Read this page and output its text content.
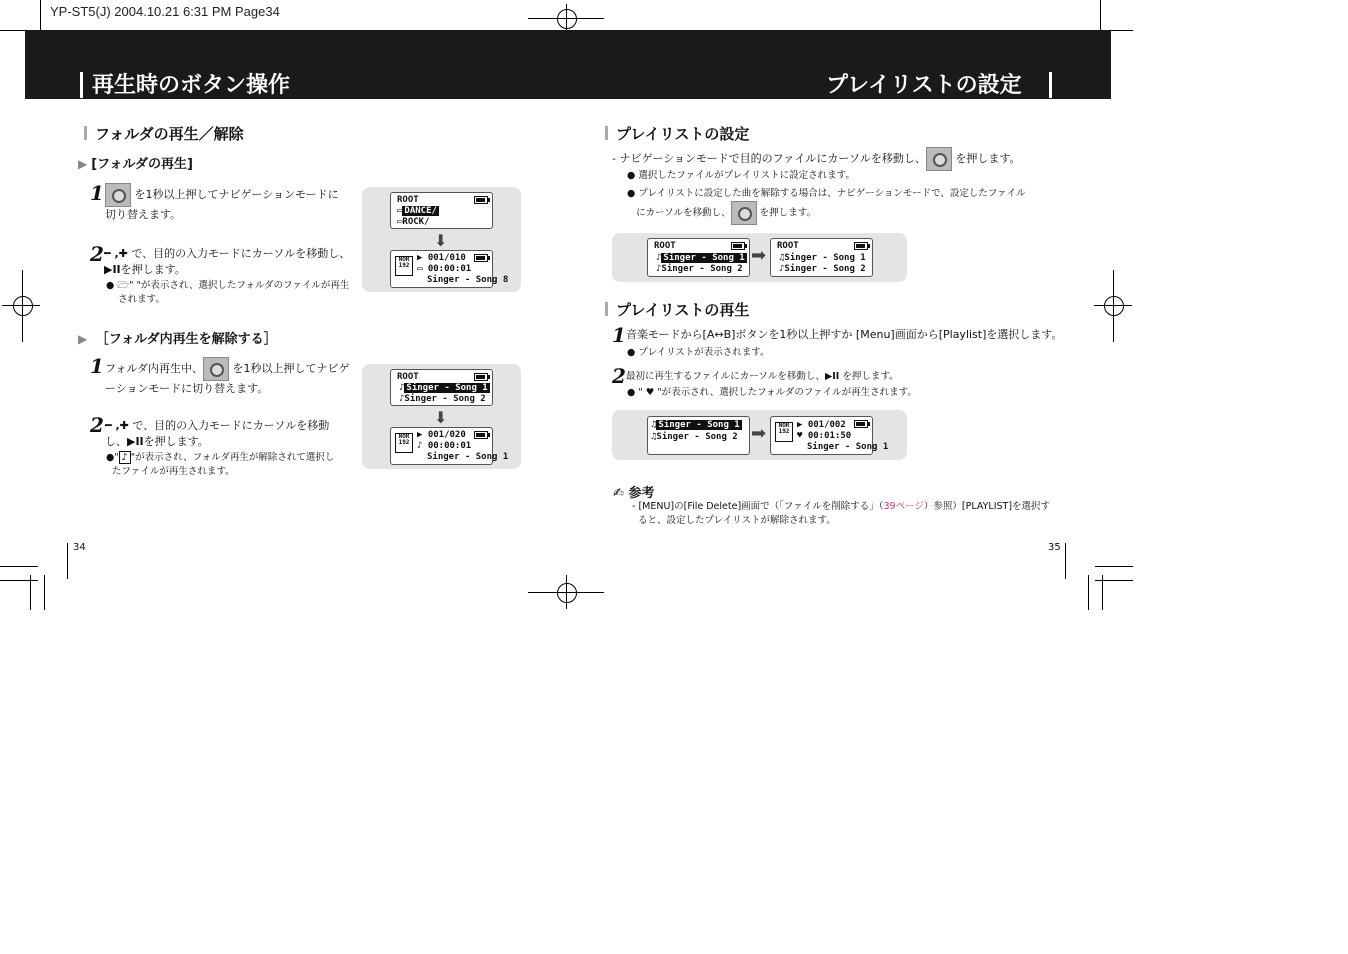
YP-ST5(J) 2004.10.21 6:31 PM Page34
再生時のボタン操作	プレイリストの設定
フォルダの再生／解除
▶ [フォルダの再生]
1	を1秒以上押してナビゲーションモードに
切り替えます。
2 ━ ,✚ で、目的の入力モードにカーソルを移動し、
▶IIを押します。
● 🗁" "が表示され、選択したフォルダのファイルが再生
されます。
ROOT
▭ DANCE/
▭ROCK/
⬇
NOR
192
▶ 001/010
▭ 00:00:01
Singer - Song 8
▶ ［フォルダ内再生を解除する］
1 フォルダ内再生中、	を1秒以上押してナビゲ
ーションモードに切り替えます。
2 ━ ,✚ で、目的の入力モードにカーソルを移動
し、▶IIを押します。
●" ♪ "が表示され、フォルダ再生が解除されて選択し
たファイルが再生されます。
ROOT
♪ Singer - Song 1
♪Singer - Song 2
⬇
NOR
192
▶ 001/020
♪ 00:00:01
Singer - Song 1
34
プレイリストの設定
- ナビゲーションモードで目的のファイルにカーソルを移動し、	を押します。
● 選択したファイルがプレイリストに設定されます。
● プレイリストに設定した曲を解除する場合は、ナビゲーションモードで、設定したファイル
にカーソルを移動し、	を押します。
ROOT
♪ Singer - Song 1
♪Singer - Song 2
➡ ROOT
♫Singer - Song 1
♪Singer - Song 2
プレイリストの再生
1 音楽モードから[A↔B]ボタンを1秒以上押すか [Menu]画面から[Playlist]を選択します。
● プレイリストが表示されます。
2 最初に再生するファイルにカーソルを移動し、▶II を押します。
● " ♥ "が表示され、選択したフォルダのファイルが再生されます。
♫ Singer - Song 1
♫Singer - Song 2 ➡	NOR
192
▶ 001/002
♥ 00:01:50
Singer - Song 1
✍ 参考
- [MENU]の[File Delete]画面で（「ファイルを削除する」（39ページ）参照）[PLAYLIST]を選択す
ると、設定したプレイリストが解除されます。
35
